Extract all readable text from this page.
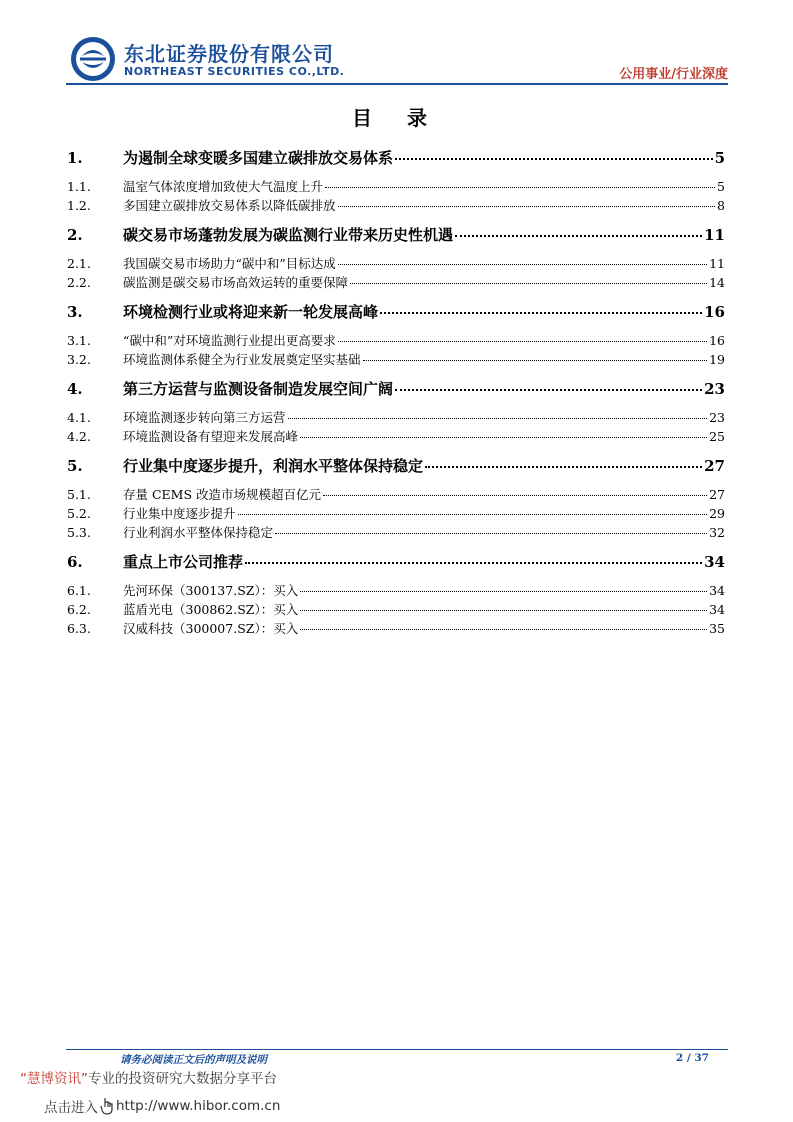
东北证券股份有限公司
NORTHEAST SECURITIES CO.,LTD.	公用事业/行业深度
目 录
1.	为遏制全球变暖多国建立碳排放交易体系	5
1.1.	温室气体浓度增加致使大气温度上升	5
1.2.	多国建立碳排放交易体系以降低碳排放	8
2.	碳交易市场蓬勃发展为碳监测行业带来历史性机遇	11
2.1.	我国碳交易市场助力“碳中和”目标达成	11
2.2.	碳监测是碳交易市场高效运转的重要保障	14
3.	环境检测行业或将迎来新一轮发展高峰	16
3.1.	“碳中和”对环境监测行业提出更高要求	16
3.2.	环境监测体系健全为行业发展奠定坚实基础	19
4.	第三方运营与监测设备制造发展空间广阔	23
4.1.	环境监测逐步转向第三方运营	23
4.2.	环境监测设备有望迎来发展高峰	25
5.	行业集中度逐步提升，利润水平整体保持稳定	27
5.1.	存量 CEMS 改造市场规模超百亿元	27
5.2.	行业集中度逐步提升	29
5.3.	行业利润水平整体保持稳定	32
6.	重点上市公司推荐	34
6.1.	先河环保（300137.SZ）：买入	34
6.2.	蓝盾光电（300862.SZ）：买入	34
6.3.	汉威科技（300007.SZ）：买入	35
请务必阅读正文后的声明及说明	2 / 37
“慧博资讯”专业的投资研究大数据分享平台
点击进入 http://www.hibor.com.cn
